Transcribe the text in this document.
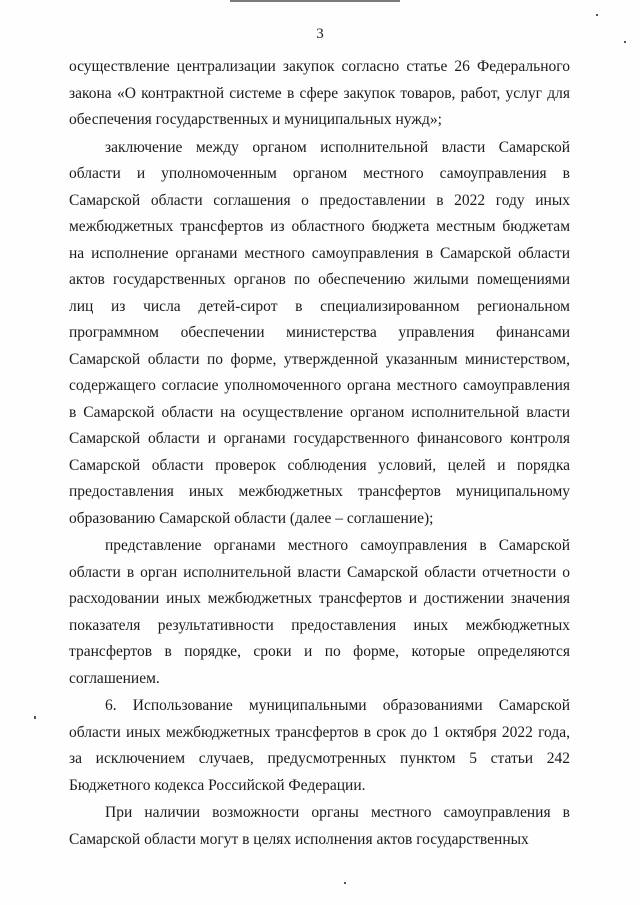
3

осуществление централизации закупок согласно статье 26 Федерального закона «О контрактной системе в сфере закупок товаров, работ, услуг для обеспечения государственных и муниципальных нужд»;

заключение между органом исполнительной власти Самарской области и уполномоченным органом местного самоуправления в Самарской области соглашения о предоставлении в 2022 году иных межбюджетных трансфертов из областного бюджета местным бюджетам на исполнение органами местного самоуправления в Самарской области актов государственных органов по обеспечению жилыми помещениями лиц из числа детей-сирот в специализированном региональном программном обеспечении министерства управления финансами Самарской области по форме, утвержденной указанным министерством, содержащего согласие уполномоченного органа местного самоуправления в Самарской области на осуществление органом исполнительной власти Самарской области и органами государственного финансового контроля Самарской области проверок соблюдения условий, целей и порядка предоставления иных межбюджетных трансфертов муниципальному образованию Самарской области (далее – соглашение);

представление органами местного самоуправления в Самарской области в орган исполнительной власти Самарской области отчетности о расходовании иных межбюджетных трансфертов и достижении значения показателя результативности предоставления иных межбюджетных трансфертов в порядке, сроки и по форме, которые определяются соглашением.

6. Использование муниципальными образованиями Самарской области иных межбюджетных трансфертов в срок до 1 октября 2022 года, за исключением случаев, предусмотренных пунктом 5 статьи 242 Бюджетного кодекса Российской Федерации.

При наличии возможности органы местного самоуправления в Самарской области могут в целях исполнения актов государственных
